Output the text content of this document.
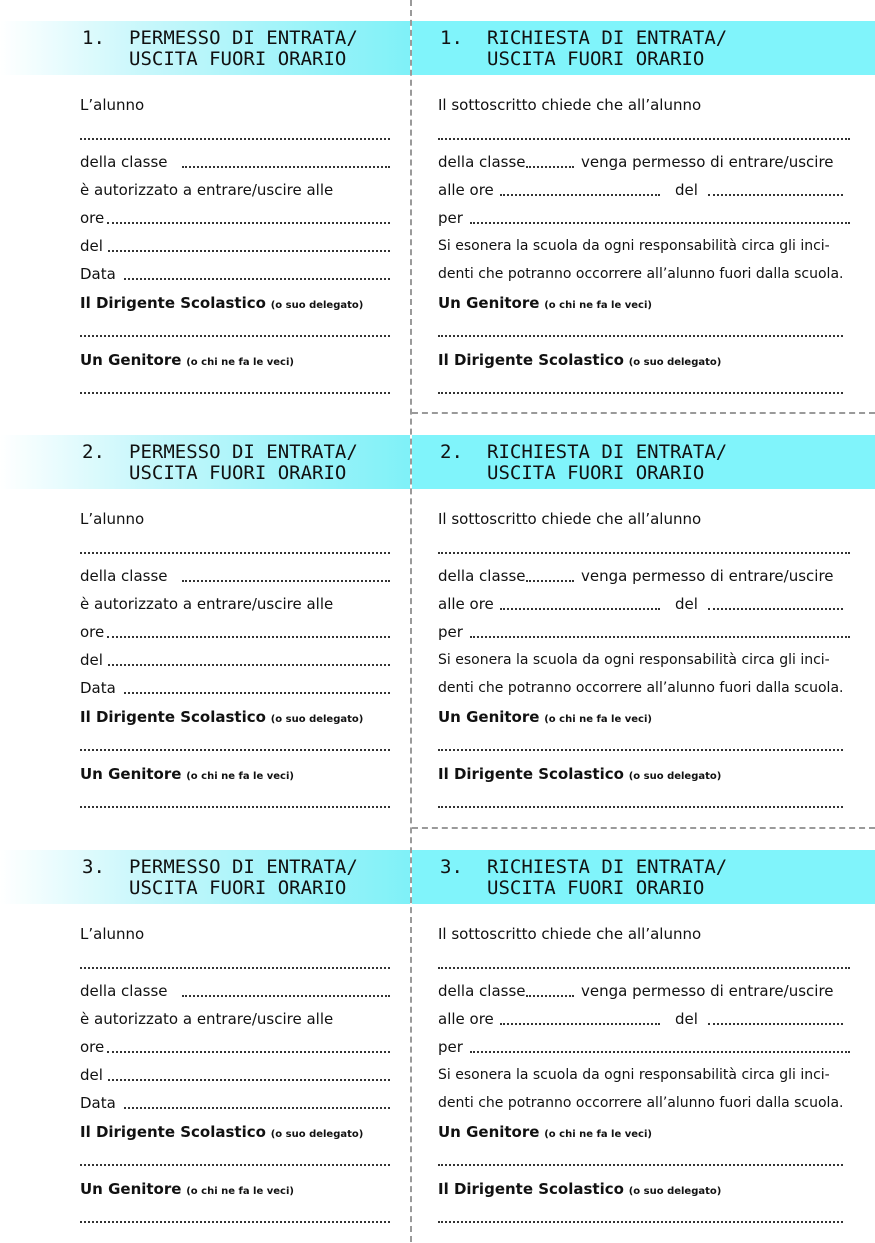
1. PERMESSO DI ENTRATA/
USCITA FUORI ORARIO
1. RICHIESTA DI ENTRATA/
USCITA FUORI ORARIO
L’alunno
della classe
è autorizzato a entrare/uscire alle
ore
del
Data
Il Dirigente Scolastico (o suo delegato)
Un Genitore (o chi ne fa le veci)
Il sottoscritto chiede che all’alunno
della classe	venga permesso di entrare/uscire
alle ore	del
per
Si esonera la scuola da ogni responsabilità circa gli inci-
denti che potranno occorrere all’alunno fuori dalla scuola.
Un Genitore (o chi ne fa le veci)
Il Dirigente Scolastico (o suo delegato)
2. PERMESSO DI ENTRATA/
USCITA FUORI ORARIO
2. RICHIESTA DI ENTRATA/
USCITA FUORI ORARIO
L’alunno
della classe
è autorizzato a entrare/uscire alle
ore
del
Data
Il Dirigente Scolastico (o suo delegato)
Un Genitore (o chi ne fa le veci)
Il sottoscritto chiede che all’alunno
della classe	venga permesso di entrare/uscire
alle ore	del
per
Si esonera la scuola da ogni responsabilità circa gli inci-
denti che potranno occorrere all’alunno fuori dalla scuola.
Un Genitore (o chi ne fa le veci)
Il Dirigente Scolastico (o suo delegato)
3. PERMESSO DI ENTRATA/
USCITA FUORI ORARIO
3. RICHIESTA DI ENTRATA/
USCITA FUORI ORARIO
L’alunno
della classe
è autorizzato a entrare/uscire alle
ore
del
Data
Il Dirigente Scolastico (o suo delegato)
Un Genitore (o chi ne fa le veci)
Il sottoscritto chiede che all’alunno
della classe	venga permesso di entrare/uscire
alle ore	del
per
Si esonera la scuola da ogni responsabilità circa gli inci-
denti che potranno occorrere all’alunno fuori dalla scuola.
Un Genitore (o chi ne fa le veci)
Il Dirigente Scolastico (o suo delegato)
